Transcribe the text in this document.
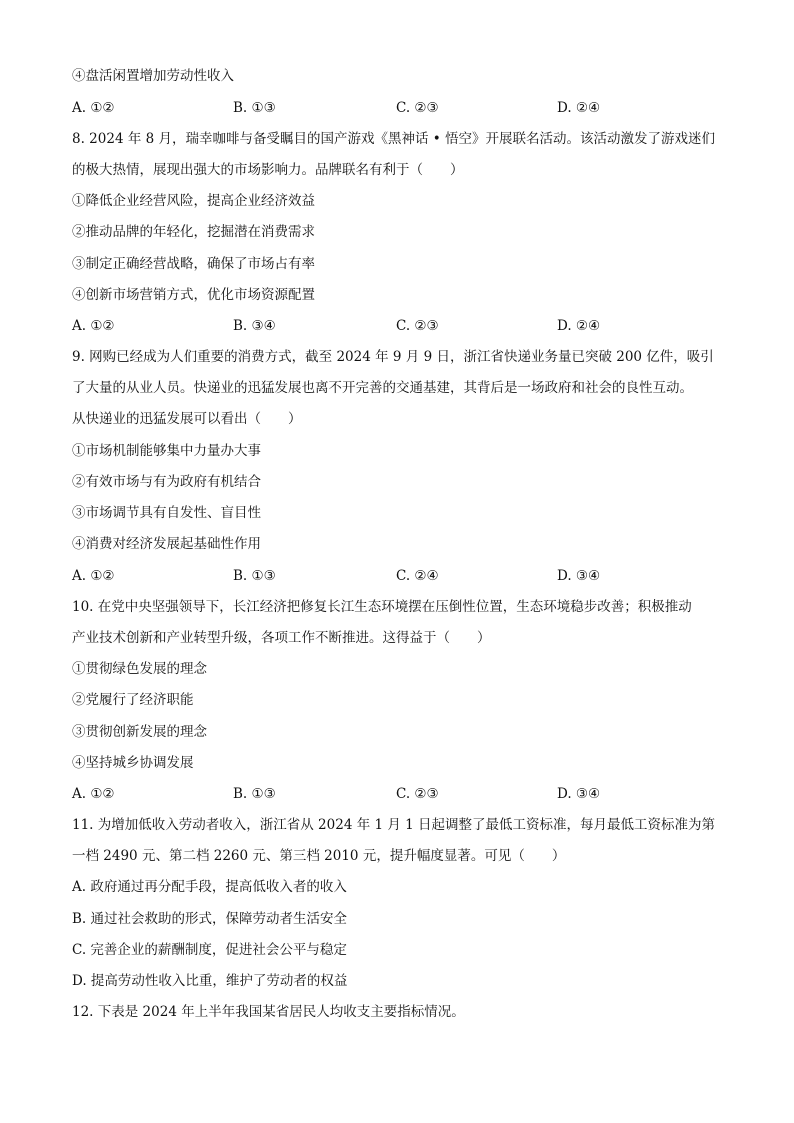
④盘活闲置增加劳动性收入
A. ①②	B. ①③	C. ②③	D. ②④
8. 2024 年 8 月，瑞幸咖啡与备受瞩目的国产游戏《黑神话 • 悟空》开展联名活动。该活动激发了游戏迷们
的极大热情，展现出强大的市场影响力。品牌联名有利于（　　）
①降低企业经营风险，提高企业经济效益
②推动品牌的年轻化，挖掘潜在消费需求
③制定正确经营战略，确保了市场占有率
④创新市场营销方式，优化市场资源配置
A. ①②	B. ③④	C. ②③	D. ②④
9. 网购已经成为人们重要的消费方式，截至 2024 年 9 月 9 日，浙江省快递业务量已突破 200 亿件，吸引
了大量的从业人员。快递业的迅猛发展也离不开完善的交通基建，其背后是一场政府和社会的良性互动。
从快递业的迅猛发展可以看出（　　）
①市场机制能够集中力量办大事
②有效市场与有为政府有机结合
③市场调节具有自发性、盲目性
④消费对经济发展起基础性作用
A. ①②	B. ①③	C. ②④	D. ③④
10. 在党中央坚强领导下，长江经济把修复长江生态环境摆在压倒性位置，生态环境稳步改善；积极推动
产业技术创新和产业转型升级，各项工作不断推进。这得益于（　　）
①贯彻绿色发展的理念
②党履行了经济职能
③贯彻创新发展的理念
④坚持城乡协调发展
A. ①②	B. ①③	C. ②③	D. ③④
11. 为增加低收入劳动者收入，浙江省从 2024 年 1 月 1 日起调整了最低工资标准，每月最低工资标准为第
一档 2490 元、第二档 2260 元、第三档 2010 元，提升幅度显著。可见（　　）
A. 政府通过再分配手段，提高低收入者的收入
B. 通过社会救助的形式，保障劳动者生活安全
C. 完善企业的薪酬制度，促进社会公平与稳定
D. 提高劳动性收入比重，维护了劳动者的权益
12. 下表是 2024 年上半年我国某省居民人均收支主要指标情况。
